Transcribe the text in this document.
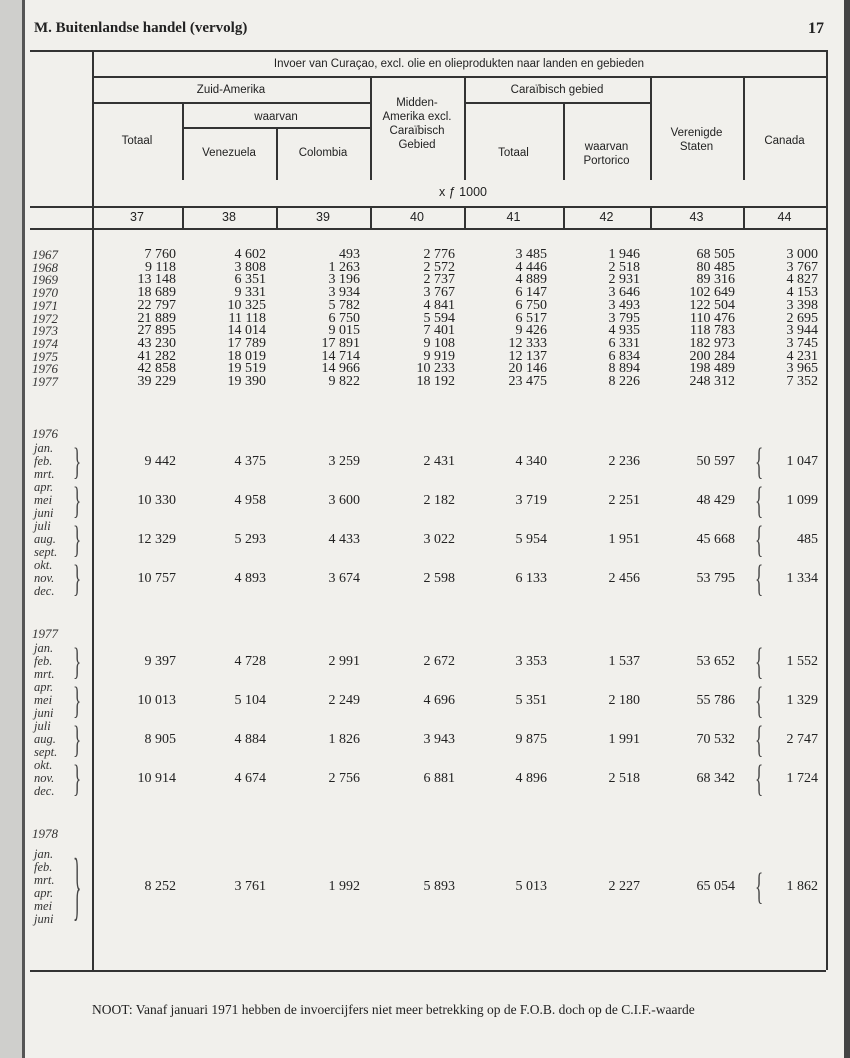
M. Buitenlandse handel (vervolg)	17
Invoer van Curaçao, excl. olie en olieprodukten naar landen en gebieden
Zuid-Amerika
waarvan
Midden-
Amerika excl.
Caraïbisch
Gebied
Caraïbisch gebied
Totaal
Venezuela	Colombia	Totaal	waarvan
Portorico
Verenigde
Staten	Canada
x ƒ 1000
37	38	39	40	41	42	43	44
1967	7 760	4 602	493	2 776	3 485	1 946	68 505	3 000
1968	9 118	3 808	1 263	2 572	4 446	2 518	80 485	3 767
1969	13 148	6 351	3 196	2 737	4 889	2 931	89 316	4 827
1970	18 689	9 331	3 934	3 767	6 147	3 646	102 649	4 153
1971	22 797	10 325	5 782	4 841	6 750	3 493	122 504	3 398
1972	21 889	11 118	6 750	5 594	6 517	3 795	110 476	2 695
1973	27 895	14 014	9 015	7 401	9 426	4 935	118 783	3 944
1974	43 230	17 789	17 891	9 108	12 333	6 331	182 973	3 745
1975	41 282	18 019	14 714	9 919	12 137	6 834	200 284	4 231
1976	42 858	19 519	14 966	10 233	20 146	8 894	198 489	3 965
1977	39 229	19 390	9 822	18 192	23 475	8 226	248 312	7 352
1976
jan.
feb.
mrt. }	{
9 442	4 375	3 259	2 431	4 340	2 236	50 597	1 047
apr.
mei
juni }	{
10 330	4 958	3 600	2 182	3 719	2 251	48 429	1 099
juli
aug.
sept. }	{
12 329	5 293	4 433	3 022	5 954	1 951	45 668	485
okt.
nov.
dec. }	{
10 757	4 893	3 674	2 598	6 133	2 456	53 795	1 334
1977
jan.
feb.
mrt. }	{
9 397	4 728	2 991	2 672	3 353	1 537	53 652	1 552
apr.
mei
juni }	{
10 013	5 104	2 249	4 696	5 351	2 180	55 786	1 329
juli
aug.
sept. }	{
8 905	4 884	1 826	3 943	9 875	1 991	70 532	2 747
okt.
nov.
dec. }	{
10 914	4 674	2 756	6 881	4 896	2 518	68 342	1 724
1978
jan.
feb.
mrt.
apr.
mei
juni }	{
8 252	3 761	1 992	5 893	5 013	2 227	65 054	1 862
NOOT: Vanaf januari 1971 hebben de invoercijfers niet meer betrekking op de F.O.B. doch op de C.I.F.-waarde
